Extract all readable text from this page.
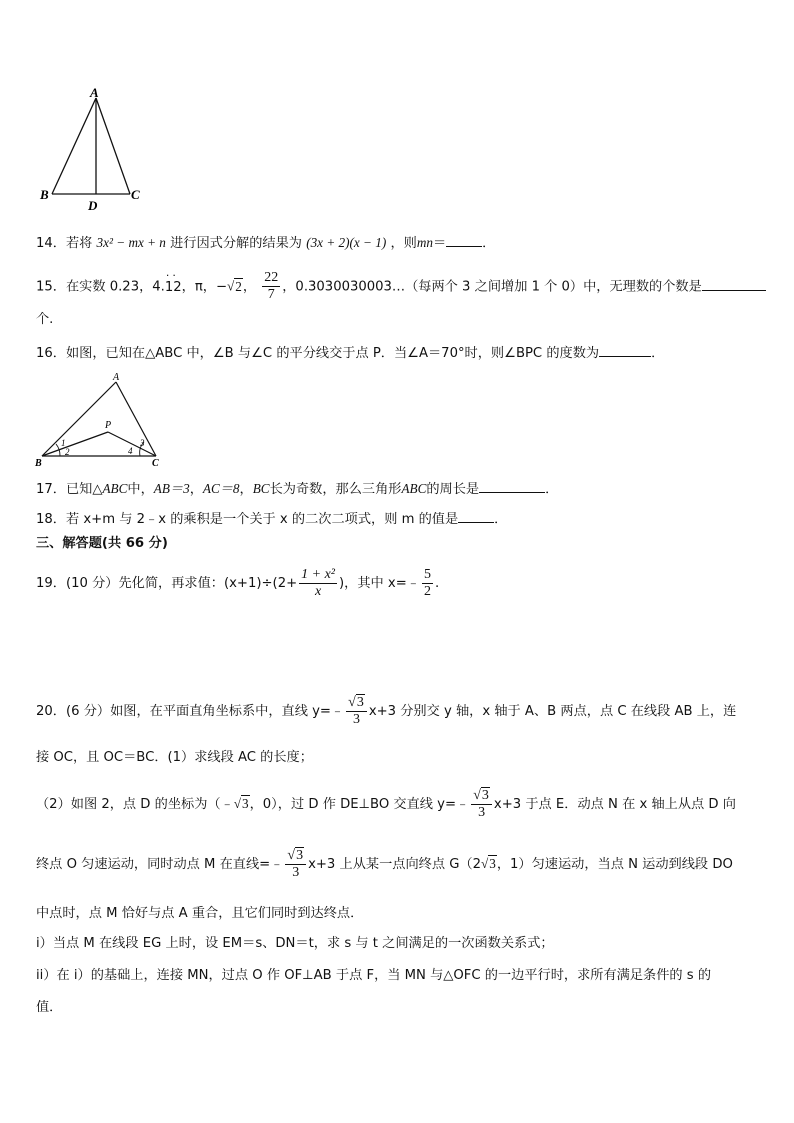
A
B	C
D
14．若将 3x² − mx + n 进行因式分解的结果为 (3x + 2)(x − 1) ，则mn＝	．
15．在实数 0.23，4.
··
12，π，−√2， $\frac{22}{7}$ ，0.3030030003…（每两个 3 之间增加 1 个 0）中，无理数的个数是
个.
16．如图，已知在△ABC 中，∠B 与∠C 的平分线交于点 P．当∠A＝70°时，则∠BPC 的度数为	．
A
B	C
P
1
2
3
4
17．已知△ABC中，AB＝3，AC＝8，BC长为奇数，那么三角形ABC的周长是	．
18．若 x+m 与 2﹣x 的乘积是一个关于 x 的二次二项式，则 m 的值是	．
三、解答题(共 66 分)
19．(10 分）先化简，再求值：$(x+1)\div(2+ \frac{\text{1 + x²}}{x}$ )，其中 x=﹣ $\frac{5}{2}$ .
20．(6 分）如图，在平面直角坐标系中，直线 y=﹣ $\frac{√3}{3} x+3$ 分别交 y 轴，x 轴于 A、B 两点，点 C 在线段 AB 上，连
接 OC，且 OC＝BC．(1）求线段 AC 的长度；
（2）如图 2，点 D 的坐标为（﹣√3，0），过 D 作 DE⊥BO 交直线 y=﹣ $\frac{√3}{3} x+3$ 于点 E．动点 N 在 x 轴上从点 D 向
终点 O 匀速运动，同时动点 M 在直线=﹣ $\frac{√3}{3} x+3$ 上从某一点向终点 G（2√3，1）匀速运动，当点 N 运动到线段 DO
中点时，点 M 恰好与点 A 重合，且它们同时到达终点．
i）当点 M 在线段 EG 上时，设 EM＝s、DN＝t，求 s 与 t 之间满足的一次函数关系式；
ii）在 i）的基础上，连接 MN，过点 O 作 OF⊥AB 于点 F，当 MN 与△OFC 的一边平行时，求所有满足条件的 s 的
值．
